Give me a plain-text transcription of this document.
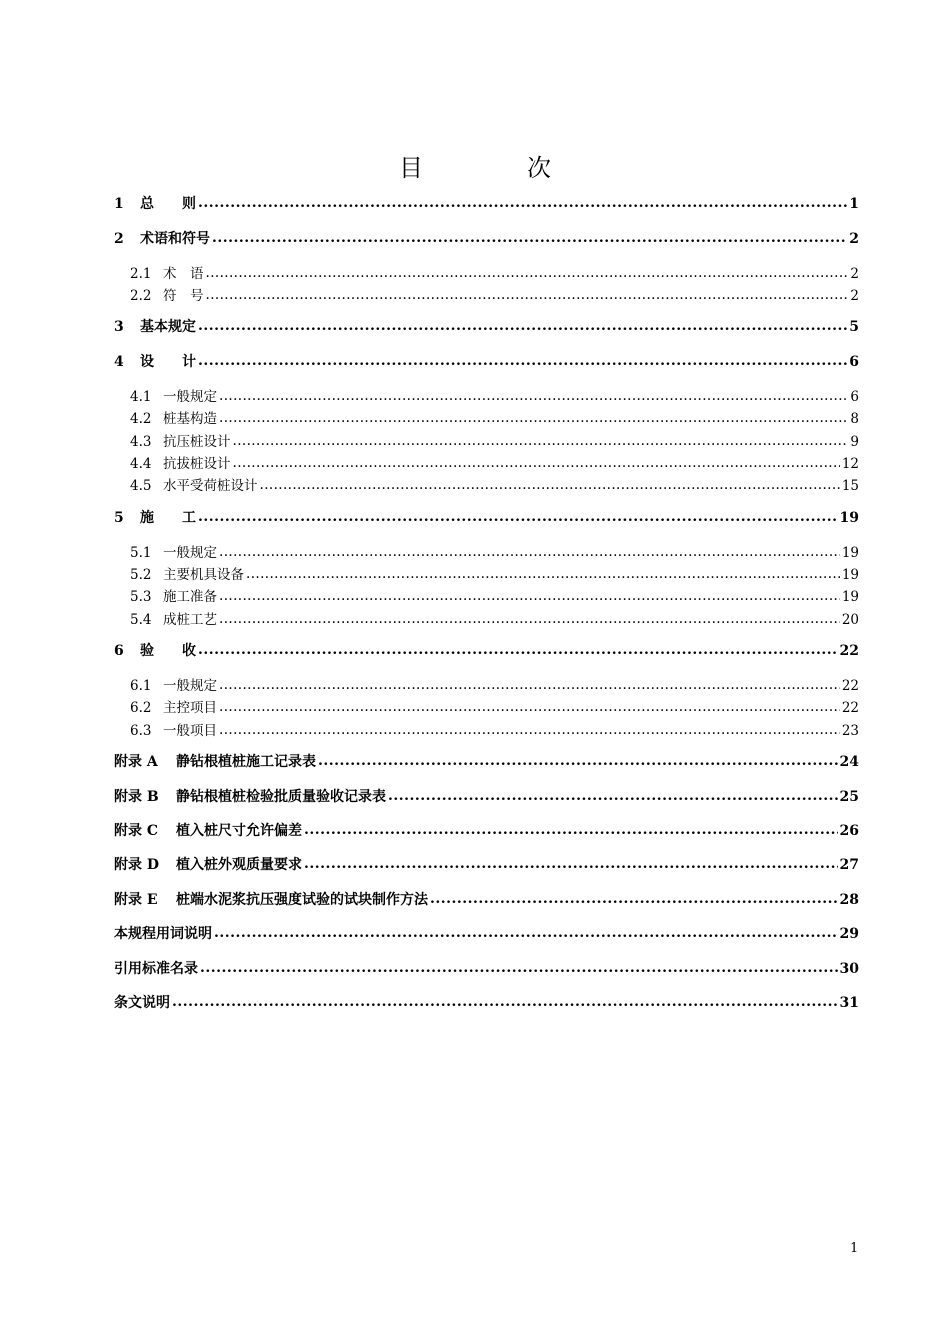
目　次
1	总　　则 .....	1
2	术语和符号 .....	2
2.1 术　语 .....	2
2.2 符　号 .....	2
3	基本规定 .....	5
4	设　　计 .....	6
4.1 一般规定 .....	6
4.2 桩基构造 .....	8
4.3 抗压桩设计 .....	9
4.4 抗拔桩设计 .....	12
4.5 水平受荷桩设计 .....	15
5	施　　工 .....	19
5.1 一般规定 .....	19
5.2 主要机具设备 .....	19
5.3 施工准备 .....	19
5.4 成桩工艺 .....	20
6	验　　收 .....	22
6.1 一般规定 .....	22
6.2 主控项目 .....	22
6.3 一般项目 .....	23
附录 A	静钻根植桩施工记录表 .....	24
附录 B	静钻根植桩检验批质量验收记录表 .....	25
附录 C	植入桩尺寸允许偏差 .....	26
附录 D	植入桩外观质量要求 .....	27
附录 E	桩端水泥浆抗压强度试验的试块制作方法 .....	28
本规程用词说明 .....	29
引用标准名录 .....	30
条文说明 .....	31
1
